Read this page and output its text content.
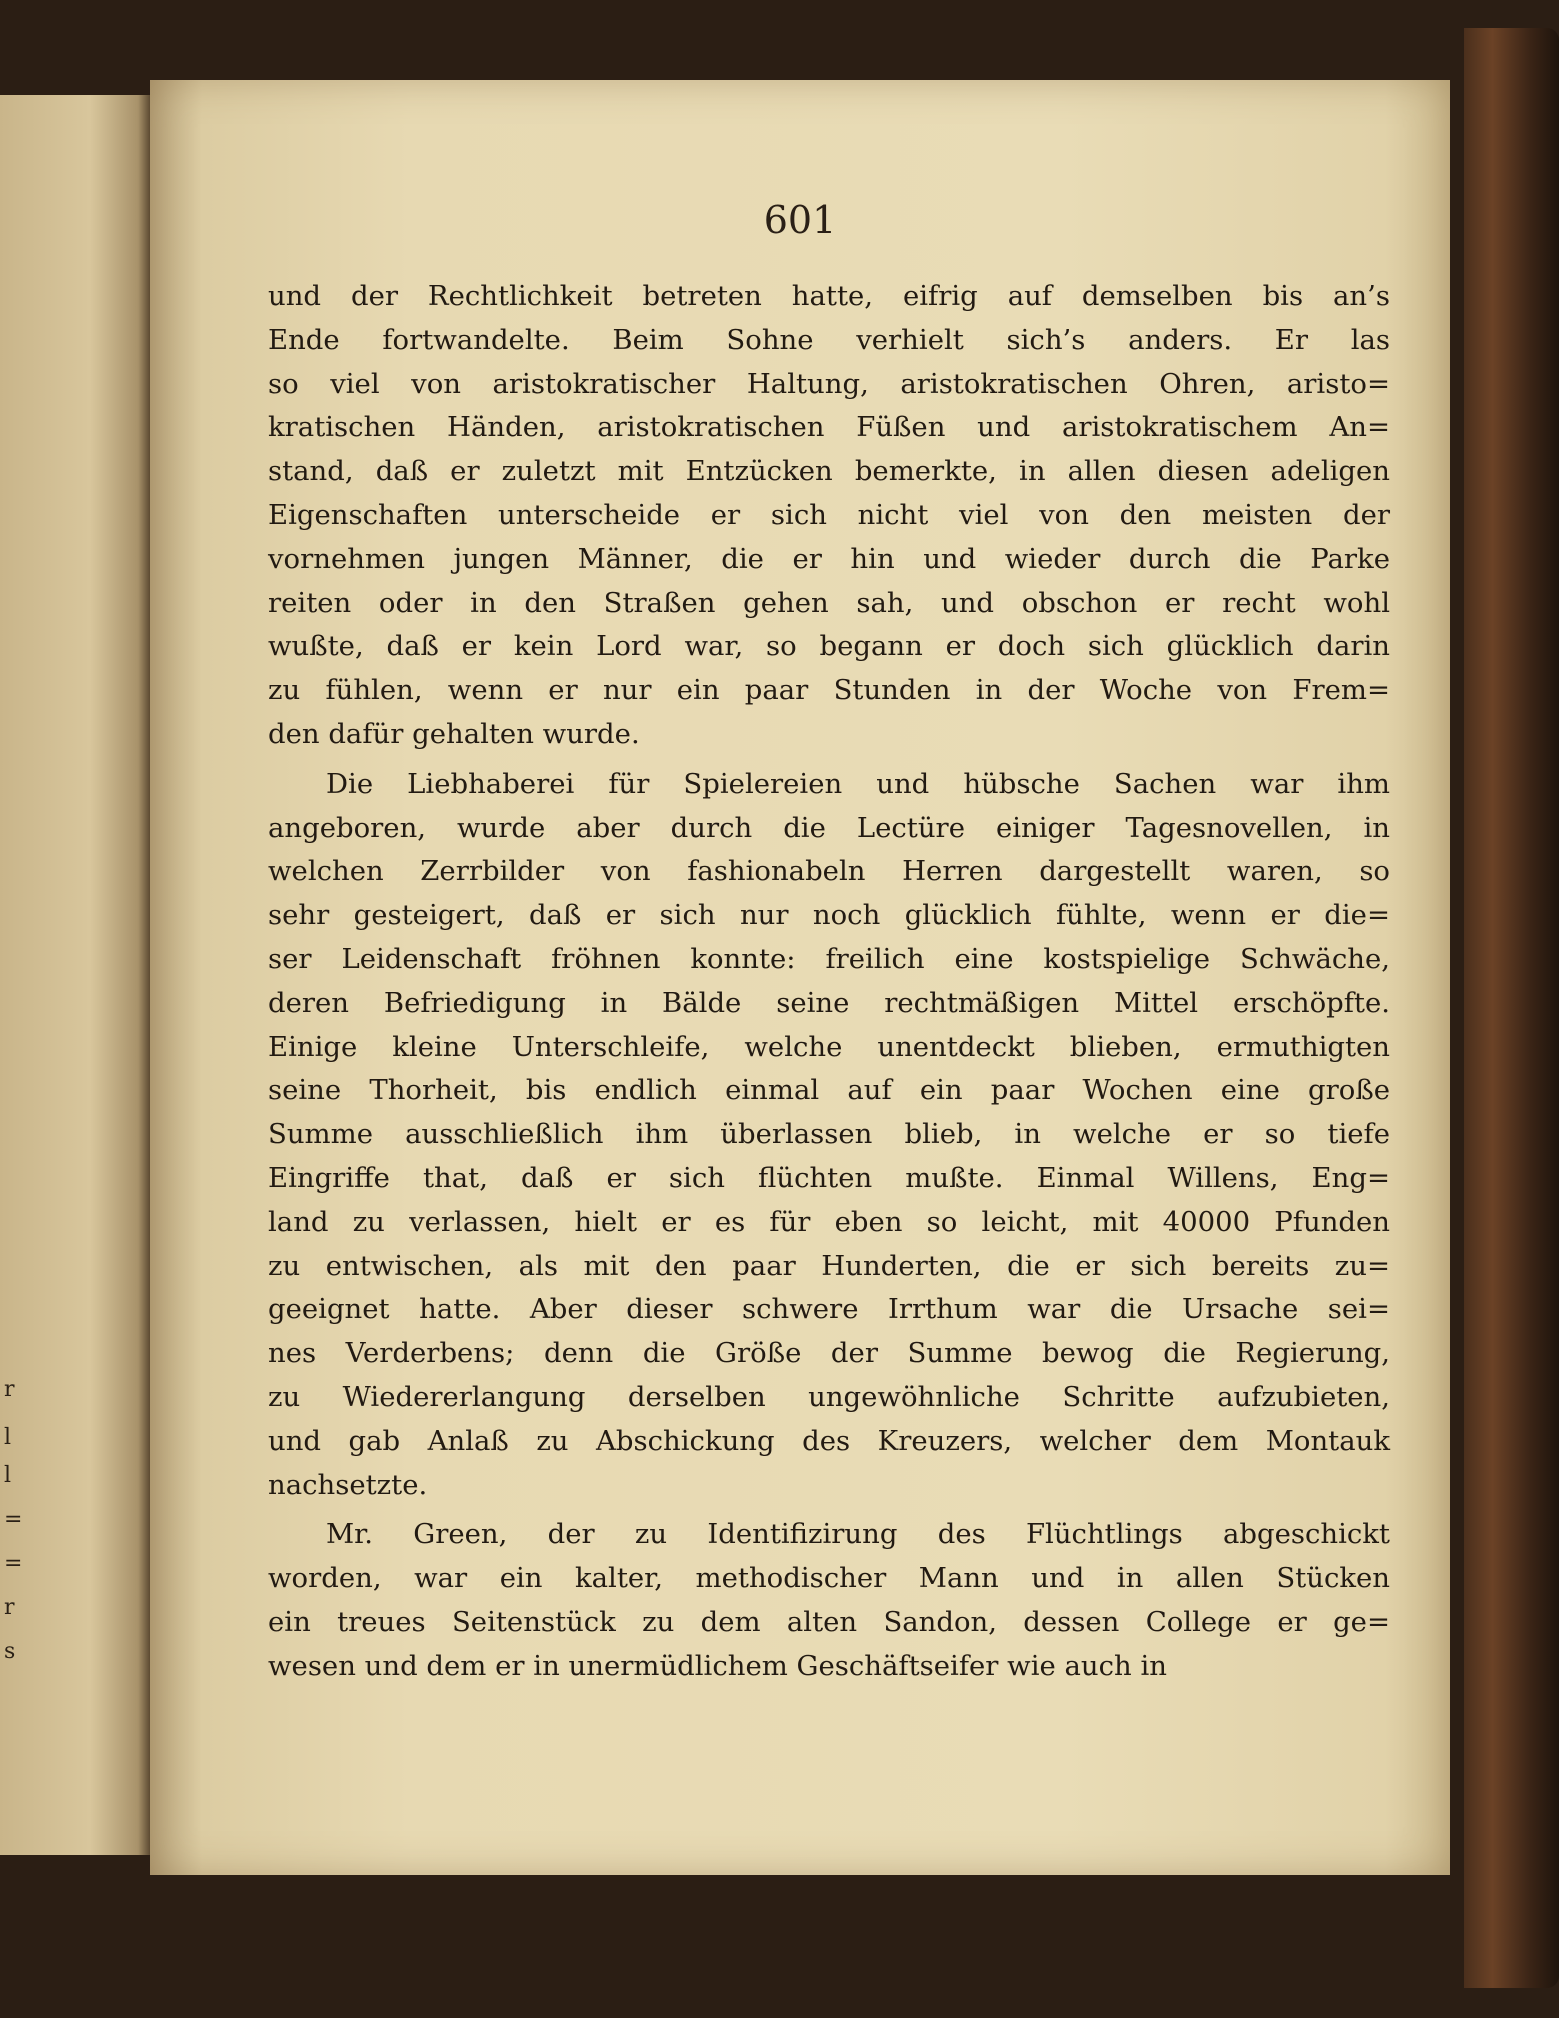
r
l
l
=
=
r
s
601
und der Rechtlichkeit betreten hatte, eifrig auf demselben bis an’s
Ende fortwandelte. Beim Sohne verhielt sich’s anders. Er las
so viel von aristokratischer Haltung, aristokratischen Ohren, aristo=
kratischen Händen, aristokratischen Füßen und aristokratischem An=
stand, daß er zuletzt mit Entzücken bemerkte, in allen diesen adeligen
Eigenschaften unterscheide er sich nicht viel von den meisten der
vornehmen jungen Männer, die er hin und wieder durch die Parke
reiten oder in den Straßen gehen sah, und obschon er recht wohl
wußte, daß er kein Lord war, so begann er doch sich glücklich darin
zu fühlen, wenn er nur ein paar Stunden in der Woche von Frem=
den dafür gehalten wurde.
Die Liebhaberei für Spielereien und hübsche Sachen war ihm
angeboren, wurde aber durch die Lectüre einiger Tagesnovellen, in
welchen Zerrbilder von fashionabeln Herren dargestellt waren, so
sehr gesteigert, daß er sich nur noch glücklich fühlte, wenn er die=
ser Leidenschaft fröhnen konnte: freilich eine kostspielige Schwäche,
deren Befriedigung in Bälde seine rechtmäßigen Mittel erschöpfte.
Einige kleine Unterschleife, welche unentdeckt blieben, ermuthigten
seine Thorheit, bis endlich einmal auf ein paar Wochen eine große
Summe ausschließlich ihm überlassen blieb, in welche er so tiefe
Eingriffe that, daß er sich flüchten mußte. Einmal Willens, Eng=
land zu verlassen, hielt er es für eben so leicht, mit 40000 Pfunden
zu entwischen, als mit den paar Hunderten, die er sich bereits zu=
geeignet hatte. Aber dieser schwere Irrthum war die Ursache sei=
nes Verderbens; denn die Größe der Summe bewog die Regierung,
zu Wiedererlangung derselben ungewöhnliche Schritte aufzubieten,
und gab Anlaß zu Abschickung des Kreuzers, welcher dem Montauk
nachsetzte.
Mr. Green, der zu Identifizirung des Flüchtlings abgeschickt
worden, war ein kalter, methodischer Mann und in allen Stücken
ein treues Seitenstück zu dem alten Sandon, dessen College er ge=
wesen und dem er in unermüdlichem Geschäftseifer wie auch in
